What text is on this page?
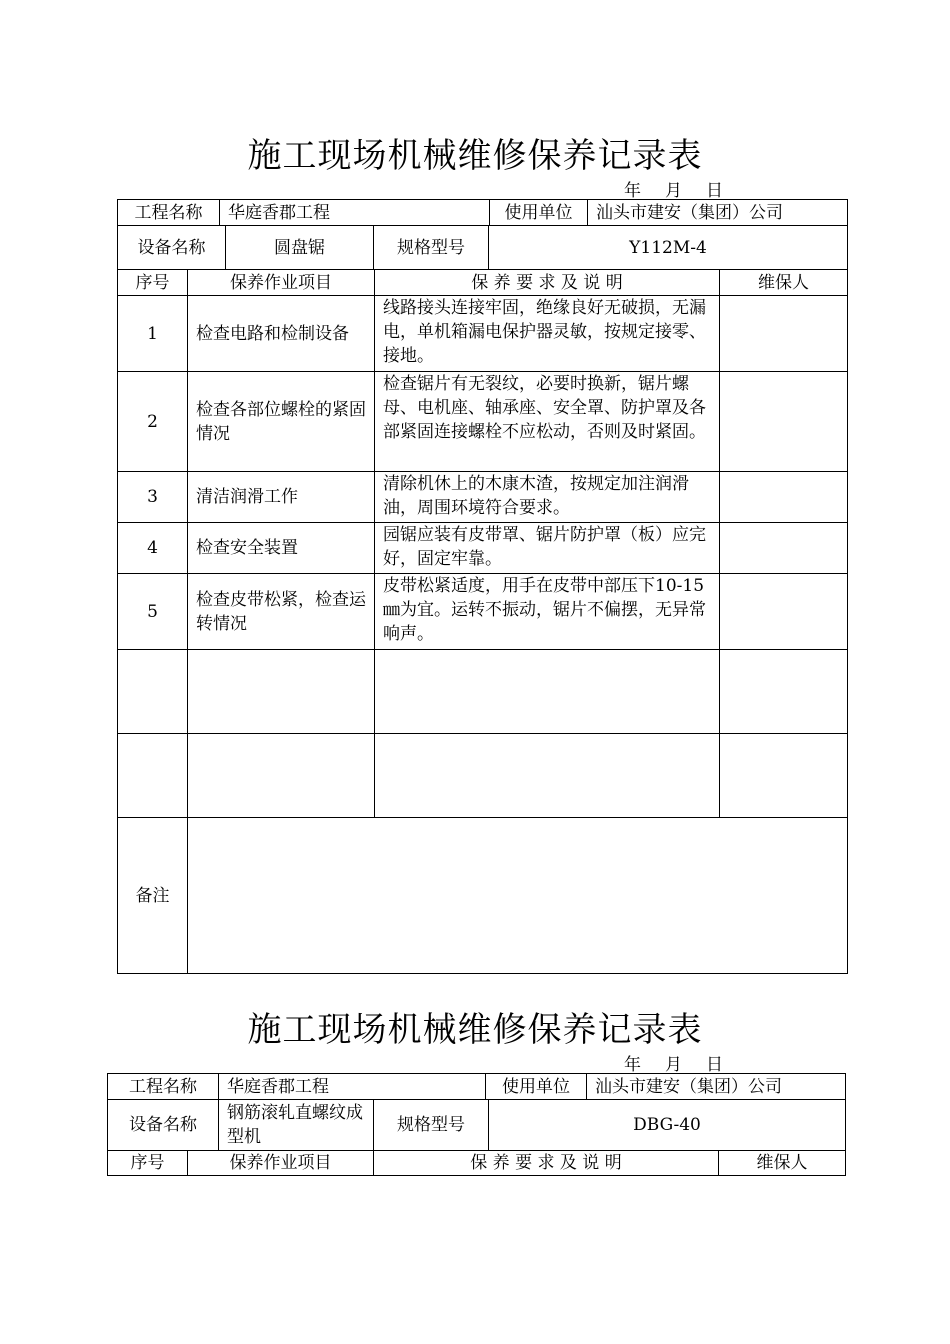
施工现场机械维修保养记录表
年 月 日
工程名称	华庭香郡工程	使用单位	汕头市建安（集团）公司
设备名称	圆盘锯	规格型号	Y112M-4
序号	保养作业项目	保 养 要 求 及 说 明	维保人
1	检查电路和检制设备	线路接头连接牢固，绝缘良好无破损，无漏电，单机箱漏电保护器灵敏，按规定接零、接地。	
2	检查各部位螺栓的紧固情况	检查锯片有无裂纹，必要时换新，锯片螺母、电机座、轴承座、安全罩、防护罩及各部紧固连接螺栓不应松动，否则及时紧固。	
3	清洁润滑工作	清除机休上的木康木渣，按规定加注润滑油，周围环境符合要求。	
4	检查安全装置	园锯应装有皮带罩、锯片防护罩（板）应完好，固定牢靠。	
5	检查皮带松紧，检查运转情况	皮带松紧适度，用手在皮带中部压下10-15㎜为宜。运转不振动，锯片不偏摆，无异常响声。	

备注			
施工现场机械维修保养记录表
年 月 日
工程名称	华庭香郡工程	使用单位	汕头市建安（集团）公司
设备名称	钢筋滚轧直螺纹成型机	规格型号	DBG-40
序号	保养作业项目	保 养 要 求 及 说 明	维保人
